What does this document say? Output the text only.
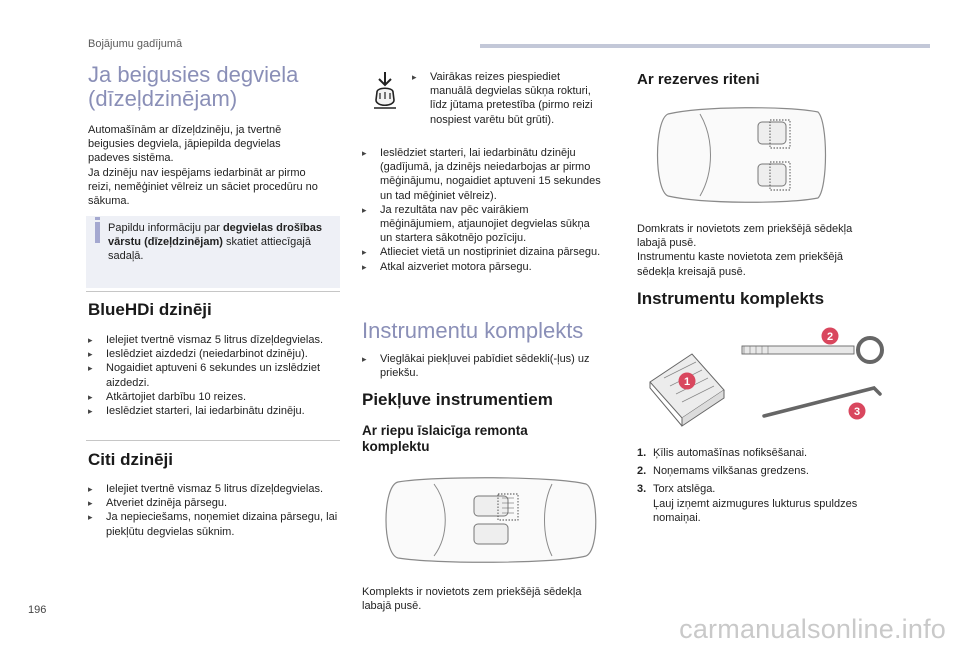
Bojājumu gadījumā
Ja beigusies degviela
(dīzeļdzinējam)
Automašīnām ar dīzeļdzinēju, ja tvertnē
beigusies degviela, jāpiepilda degvielas
padeves sistēma.
Ja dzinēju nav iespējams iedarbināt ar pirmo
reizi, neměģiniet vēlreiz un sāciet procedūru no
sākuma.
Papildu informāciju par degvielas drošības vārstu (dīzeļdzinējam) skatiet attiecīgajā sadaļā.
BlueHDi dzinēji
▸ Ielejiet tvertnē vismaz 5 litrus dīzeļdegvielas.
▸ Ieslēdziet aizdedzi (neiedarbinot dzinēju).
▸ Nogaidiet aptuveni 6 sekundes un izslēdziet aizdedzi.
▸ Atkārtojiet darbību 10 reizes.
▸ Ieslēdziet starteri, lai iedarbinātu dzinēju.
Citi dzinēji
▸ Ielejiet tvertnē vismaz 5 litrus dīzeļdegvielas.
▸ Atveriet dzinēja pārsegu.
▸ Ja nepieciešams, noņemiet dizaina pārsegu, lai piekļūtu degvielas sūknim.
▸ Vairākas reizes piespiediet manuālā degvielas sūkņa rokturi, līdz jūtama pretestība (pirmo reizi nospiest varētu būt grūti).
▸ Ieslēdziet starteri, lai iedarbinātu dzinēju (gadījumā, ja dzinējs neiedarbojas ar pirmo mēģinājumu, nogaidiet aptuveni 15 sekundes un tad mēģiniet vēlreiz).
▸ Ja rezultāta nav pēc vairākiem mēģinājumiem, atjaunojiet degvielas sūkņa un startera sākotnējo pozīciju.
▸ Atlieciet vietā un nostipriniet dizaina pārsegu.
▸ Atkal aizveriet motora pārsegu.
Instrumentu komplekts
▸ Vieglākai piekļuvei pabīdiet sēdekli(-ļus) uz priekšu.
Piekļuve instrumentiem
Ar riepu īslaicīga remonta
komplektu
Komplekts ir novietots zem priekšējā sēdekļa
labajā pusē.
Ar rezerves riteni
Domkrats ir novietots zem priekšējā sēdekļa
labajā pusē.
Instrumentu kaste novietota zem priekšējā
sēdekļa kreisajā pusē.
Instrumentu komplekts
1
2
3
1. Ķīlis automašīnas nofiksēšanai.
2. Noņemams vilkšanas gredzens.
3. Torx atslēga.
Ļauj izņemt aizmugures lukturus spuldzes nomaiņai.
196
carmanualsonline.info
